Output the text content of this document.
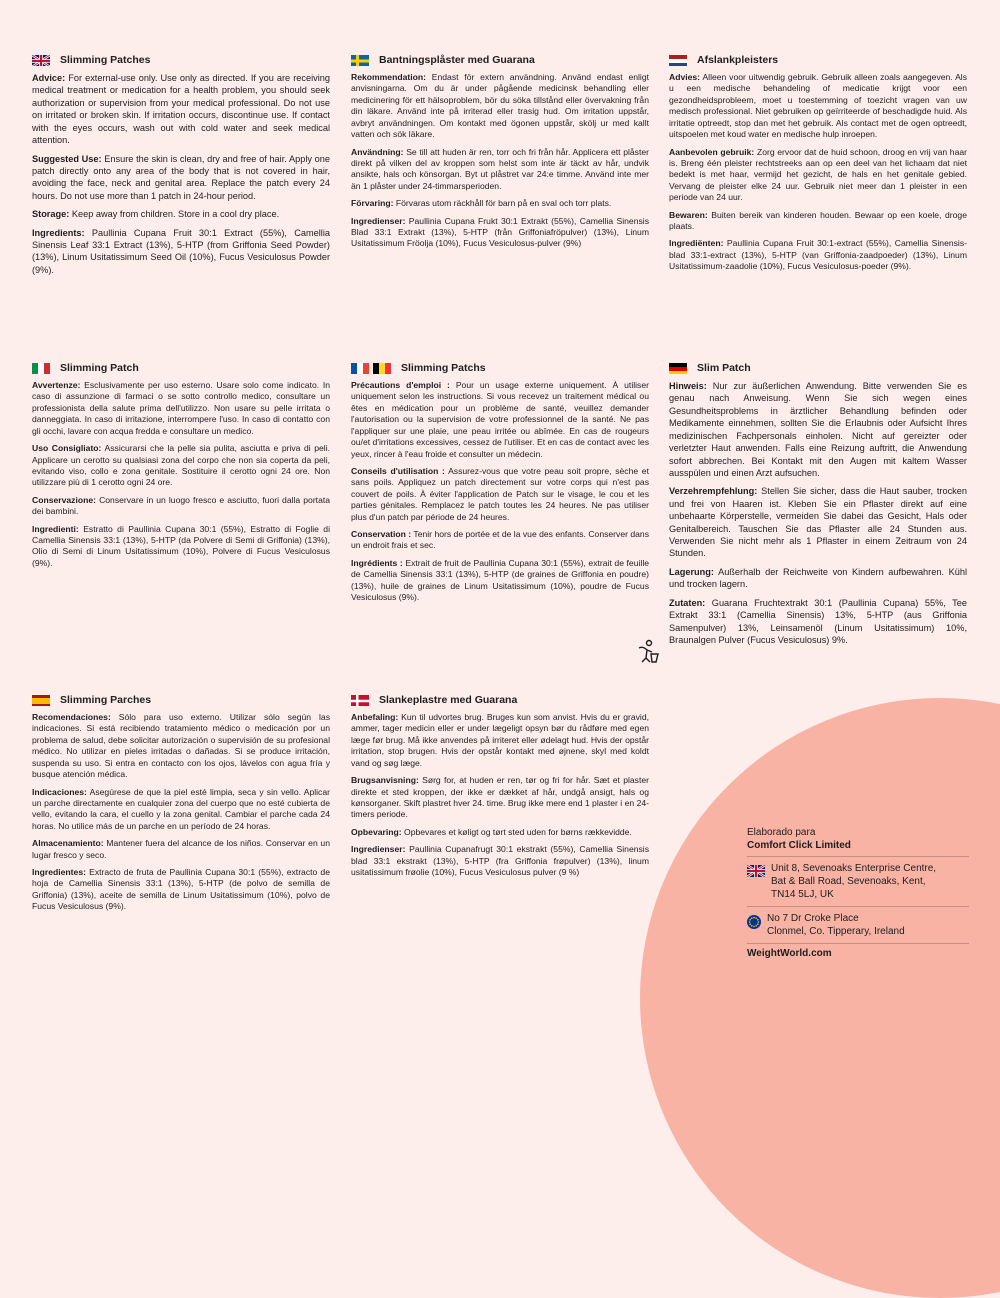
Slimming Patches

Advice: For external-use only. Use only as directed. If you are receiving medical treatment or medication for a health problem, you should seek authorization or supervision from your medical professional. Do not use on irritated or broken skin. If irritation occurs, discontinue use. If contact with the eyes occurs, wash out with cold water and seek medical attention.

Suggested Use: Ensure the skin is clean, dry and free of hair. Apply one patch directly onto any area of the body that is not covered in hair, avoiding the face, neck and genital area. Replace the patch every 24 hours. Do not use more than 1 patch in 24-hour period.

Storage: Keep away from children. Store in a cool dry place.

Ingredients: Paullinia Cupana Fruit 30:1 Extract (55%), Camellia Sinensis Leaf 33:1 Extract (13%), 5-HTP (from Griffonia Seed Powder) (13%), Linum Usitatissimum Seed Oil (10%), Fucus Vesiculosus Powder (9%).

Bantningsplåster med Guarana

Rekommendation: Endast för extern användning. Använd endast enligt anvisningarna. Om du är under pågående medicinsk behandling eller medicinering för ett hälsoproblem, bör du söka tillstånd eller övervakning från din läkare. Använd inte på irriterad eller trasig hud. Om irritation uppstår, avbryt användningen. Om kontakt med ögonen uppstår, skölj ur med kallt vatten och sök läkare.

Användning: Se till att huden är ren, torr och fri från hår. Applicera ett plåster direkt på vilken del av kroppen som helst som inte är täckt av hår, undvik ansikte, hals och könsorgan. Byt ut plåstret var 24:e timme. Använd inte mer än 1 plåster under 24-timmarsperioden.

Förvaring: Förvaras utom räckhåll för barn på en sval och torr plats.

Ingredienser: Paullinia Cupana Frukt 30:1 Extrakt (55%), Camellia Sinensis Blad 33:1 Extrakt (13%), 5-HTP (från Griffoniafröpulver) (13%), Linum Usitatissimum Fröolja (10%), Fucus Vesiculosus-pulver (9%)

Afslankpleisters

Advies: Alleen voor uitwendig gebruik. Gebruik alleen zoals aangegeven. Als u een medische behandeling of medicatie krijgt voor een gezondheidsprobleem, moet u toestemming of toezicht vragen van uw medisch professional. Niet gebruiken op geïrriteerde of beschadigde huid. Als irritatie optreedt, stop dan met het gebruik. Als contact met de ogen optreedt, uitspoelen met koud water en medische hulp inroepen.

Aanbevolen gebruik: Zorg ervoor dat de huid schoon, droog en vrij van haar is. Breng één pleister rechtstreeks aan op een deel van het lichaam dat niet bedekt is met haar, vermijd het gezicht, de hals en het genitale gebied. Vervang de pleister elke 24 uur. Gebruik niet meer dan 1 pleister in een periode van 24 uur.

Bewaren: Buiten bereik van kinderen houden. Bewaar op een koele, droge plaats.

Ingrediënten: Paullinia Cupana Fruit 30:1-extract (55%), Camellia Sinensis-blad 33:1-extract (13%), 5-HTP (van Griffonia-zaadpoeder) (13%), Linum Usitatissimum-zaadolie (10%), Fucus Vesiculosus-poeder (9%).

Slimming Patch

Avvertenze: Esclusivamente per uso esterno. Usare solo come indicato. In caso di assunzione di farmaci o se sotto controllo medico, consultare un professionista della salute prima dell'utilizzo. Non usare su pelle irritata o danneggiata. In caso di irritazione, interrompere l'uso. In caso di contatto con gli occhi, lavare con acqua fredda e consultare un medico.

Uso Consigliato: Assicurarsi che la pelle sia pulita, asciutta e priva di peli. Applicare un cerotto su qualsiasi zona del corpo che non sia coperta da peli, evitando viso, collo e zona genitale. Sostituire il cerotto ogni 24 ore. Non utilizzare più di 1 cerotto ogni 24 ore.

Conservazione: Conservare in un luogo fresco e asciutto, fuori dalla portata dei bambini.

Ingredienti: Estratto di Paullinia Cupana 30:1 (55%), Estratto di Foglie di Camellia Sinensis 33:1 (13%), 5-HTP (da Polvere di Semi di Griffonia) (13%), Olio di Semi di Linum Usitatissimum (10%), Polvere di Fucus Vesiculosus (9%).

Slimming Patchs

Précautions d'emploi : Pour un usage externe uniquement. À utiliser uniquement selon les instructions. Si vous recevez un traitement médical ou êtes en médication pour un problème de santé, veuillez demander l'autorisation ou la supervision de votre professionnel de la santé. Ne pas l'appliquer sur une plaie, une peau irritée ou abîmée. En cas de rougeurs ou/et d'irritations excessives, cessez de l'utiliser. Et en cas de contact avec les yeux, rincer à l'eau froide et consulter un médecin.

Conseils d'utilisation : Assurez-vous que votre peau soit propre, sèche et sans poils. Appliquez un patch directement sur votre corps qui n'est pas couvert de poils. À éviter l'application de Patch sur le visage, le cou et les parties génitales. Remplacez le patch toutes les 24 heures. Ne pas utiliser plus d'un patch par période de 24 heures.

Conservation : Tenir hors de portée et de la vue des enfants. Conserver dans un endroit frais et sec.

Ingrédients : Extrait de fruit de Paullinia Cupana 30:1 (55%), extrait de feuille de Camellia Sinensis 33:1 (13%), 5-HTP (de graines de Griffonia en poudre) (13%), huile de graines de Linum Usitatissimum (10%), poudre de Fucus Vesiculosus (9%).

Slim Patch

Hinweis: Nur zur äußerlichen Anwendung. Bitte verwenden Sie es genau nach Anweisung. Wenn Sie sich wegen eines Gesundheitsproblems in ärztlicher Behandlung befinden oder Medikamente einnehmen, sollten Sie die Erlaubnis oder Aufsicht Ihres medizinischen Fachpersonals einholen. Nicht auf gereizter oder verletzter Haut anwenden. Falls eine Reizung auftritt, die Anwendung sofort abbrechen. Bei Kontakt mit den Augen mit kaltem Wasser ausspülen und einen Arzt aufsuchen.

Verzehrempfehlung: Stellen Sie sicher, dass die Haut sauber, trocken und frei von Haaren ist. Kleben Sie ein Pflaster direkt auf eine unbehaarte Körperstelle, vermeiden Sie dabei das Gesicht, Hals oder Genitalbereich. Tauschen Sie das Pflaster alle 24 Stunden aus. Verwenden Sie nicht mehr als 1 Pflaster in einem Zeitraum von 24 Stunden.

Lagerung: Außerhalb der Reichweite von Kindern aufbewahren. Kühl und trocken lagern.

Zutaten: Guarana Fruchtextrakt 30:1 (Paullinia Cupana) 55%, Tee Extrakt 33:1 (Camellia Sinensis) 13%, 5-HTP (aus Griffonia Samenpulver) 13%, Leinsamenöl (Linum Usitatissimum) 10%, Braunalgen Pulver (Fucus Vesiculosus) 9%.

Slimming Parches

Recomendaciones: Sólo para uso externo. Utilizar sólo según las indicaciones. Si está recibiendo tratamiento médico o medicación por un problema de salud, debe solicitar autorización o supervisión de su profesional médico. No utilizar en pieles irritadas o dañadas. Si se produce irritación, suspenda su uso. Si entra en contacto con los ojos, lávelos con agua fría y busque atención médica.

Indicaciones: Asegúrese de que la piel esté limpia, seca y sin vello. Aplicar un parche directamente en cualquier zona del cuerpo que no esté cubierta de vello, evitando la cara, el cuello y la zona genital. Cambiar el parche cada 24 horas. No utilice más de un parche en un período de 24 horas.

Almacenamiento: Mantener fuera del alcance de los niños. Conservar en un lugar fresco y seco.

Ingredientes: Extracto de fruta de Paullinia Cupana 30:1 (55%), extracto de hoja de Camellia Sinensis 33:1 (13%), 5-HTP (de polvo de semilla de Griffonia) (13%), aceite de semilla de Linum Usitatissimum (10%), polvo de Fucus Vesiculosus (9%).

Slankeplastre med Guarana

Anbefaling: Kun til udvortes brug. Bruges kun som anvist. Hvis du er gravid, ammer, tager medicin eller er under lægeligt opsyn bør du rådføre med egen læge før brug. Må ikke anvendes på irriteret eller ødelagt hud. Hvis der opstår irritation, stop brugen. Hvis der opstår kontakt med øjnene, skyl med koldt vand og søg læge.

Brugsanvisning: Sørg for, at huden er ren, tør og fri for hår. Sæt et plaster direkte et sted kroppen, der ikke er dækket af hår, undgå ansigt, hals og kønsorganer. Skift plastret hver 24. time. Brug ikke mere end 1 plaster i en 24-timers periode.

Opbevaring: Opbevares et køligt og tørt sted uden for børns rækkevidde.

Ingredienser: Paullinia Cupanafrugt 30:1 ekstrakt (55%), Camellia Sinensis blad 33:1 ekstrakt (13%), 5-HTP (fra Griffonia frøpulver) (13%), linum usitatissimum frøolie (10%), Fucus Vesiculosus pulver (9 %)

Elaborado para
Comfort Click Limited
Unit 8, Sevenoaks Enterprise Centre,
Bat & Ball Road, Sevenoaks, Kent,
TN14 5LJ, UK
No 7 Dr Croke Place
Clonmel, Co. Tipperary, Ireland
WeightWorld.com
